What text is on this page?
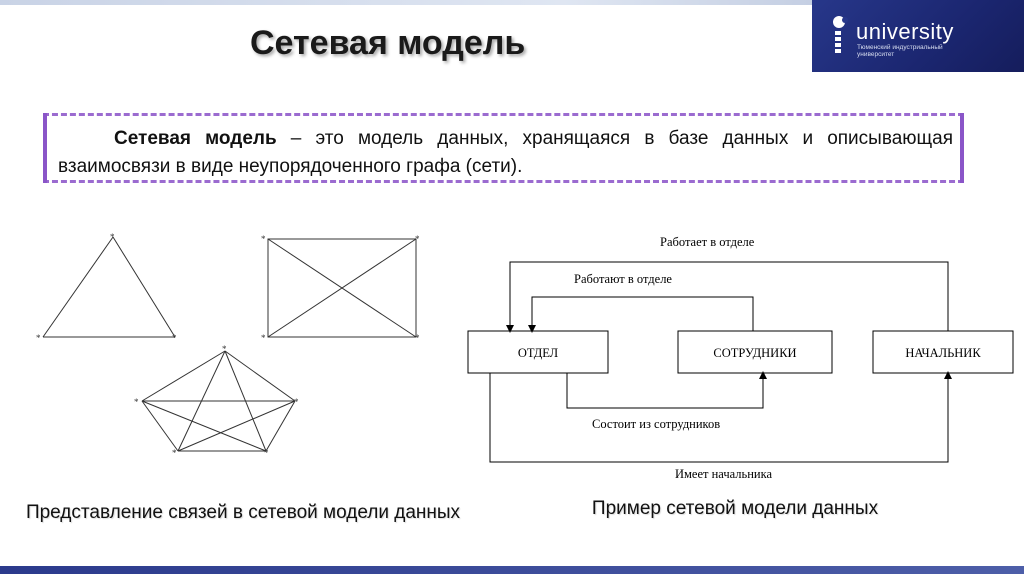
university
Тюменский индустриальный университет
Сетевая модель
Сетевая модель – это модель данных, хранящаяся в базе данных и описывающая взаимосвязи в виде неупорядоченного графа (сети).
*
*	*
*	*
*	*
*
*	*
*	*
ОТДЕЛ	СОТРУДНИКИ	НАЧАЛЬНИК
Работает в отделе
Работают в отделе
Состоит из сотрудников
Имеет начальника
Представление связей в сетевой модели данных	Пример сетевой модели данных
